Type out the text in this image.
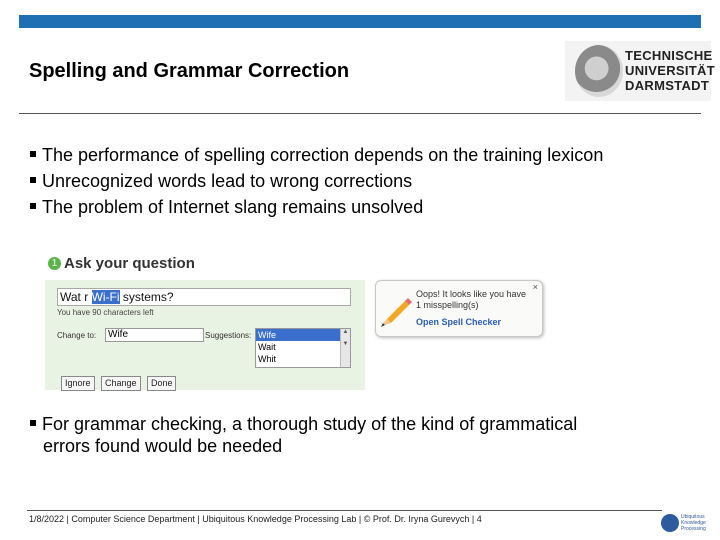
Spelling and Grammar Correction
TECHNISCHE
UNIVERSITÄT
DARMSTADT
The performance of spelling correction depends on the training lexicon
Unrecognized words lead to wrong corrections
The problem of Internet slang remains unsolved
1 Ask your question
Wat r Wi-Fi systems?
You have 90 characters left
Change to:	Wife	Suggestions: Wife
Wait
Whit
▲

▼
Ignore Change Done
×
Oops! It looks like you have
1 misspelling(s)
Open Spell Checker
For grammar checking, a thorough study of the kind of grammatical
errors found would be needed
1/8/2022 | Computer Science Department | Ubiquitous Knowledge Processing Lab | © Prof. Dr. Iryna Gurevych | 4	Ubiquitous
Knowledge
Processing
